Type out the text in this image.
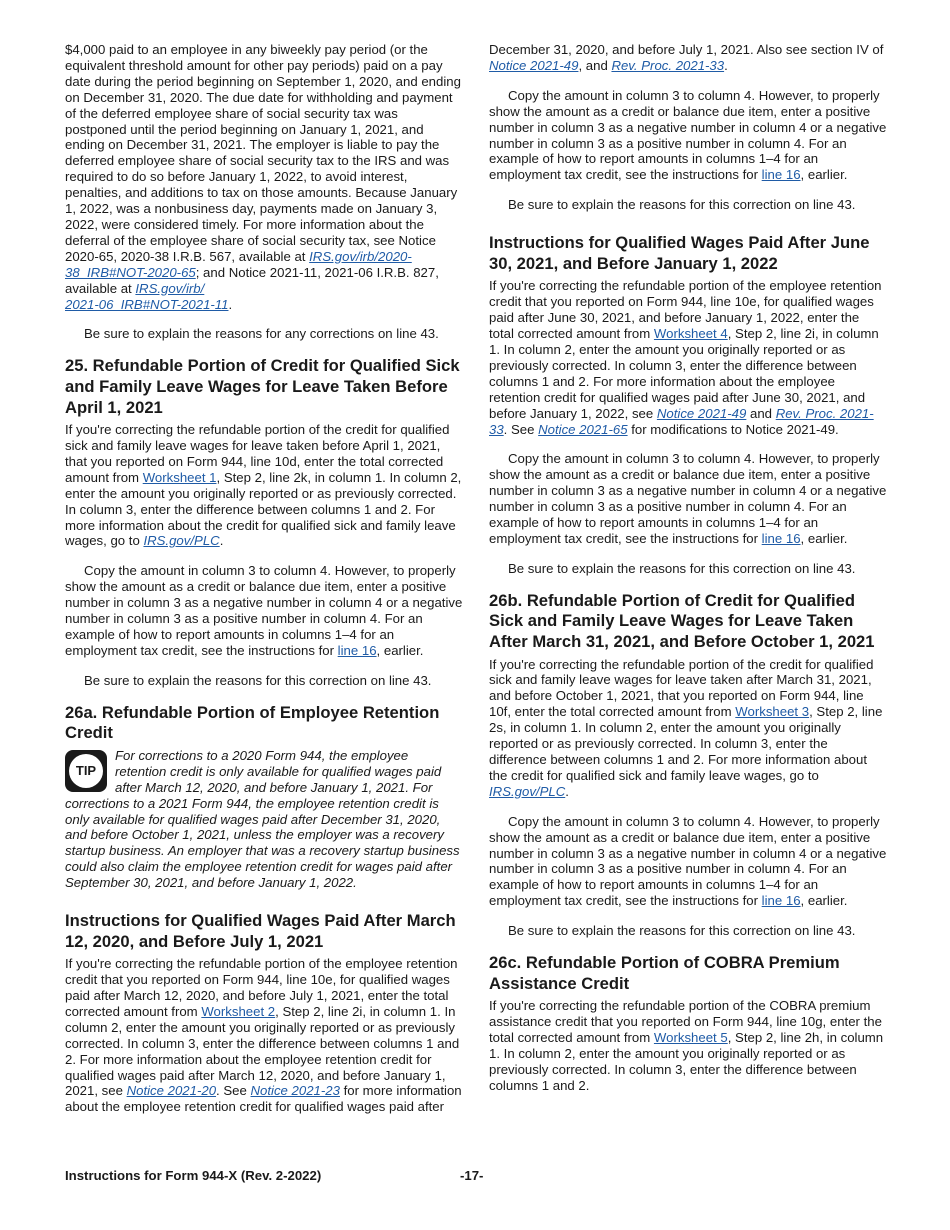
$4,000 paid to an employee in any biweekly pay period (or the equivalent threshold amount for other pay periods) paid on a pay date during the period beginning on September 1, 2020, and ending on December 31, 2020. The due date for withholding and payment of the deferred employee share of social security tax was postponed until the period beginning on January 1, 2021, and ending on December 31, 2021. The employer is liable to pay the deferred employee share of social security tax to the IRS and was required to do so before January 1, 2022, to avoid interest, penalties, and additions to tax on those amounts. Because January 1, 2022, was a nonbusiness day, payments made on January 3, 2022, were considered timely. For more information about the deferral of the employee share of social security tax, see Notice 2020-65, 2020-38 I.R.B. 567, available at IRS.gov/irb/2020-38_IRB#NOT-2020-65; and Notice 2021-11, 2021-06 I.R.B. 827, available at IRS.gov/irb/
2021-06_IRB#NOT-2021-11.

Be sure to explain the reasons for any corrections on line 43.

25. Refundable Portion of Credit for Qualified Sick and Family Leave Wages for Leave Taken Before April 1, 2021

If you're correcting the refundable portion of the credit for qualified sick and family leave wages for leave taken before April 1, 2021, that you reported on Form 944, line 10d, enter the total corrected amount from Worksheet 1, Step 2, line 2k, in column 1. In column 2, enter the amount you originally reported or as previously corrected. In column 3, enter the difference between columns 1 and 2. For more information about the credit for qualified sick and family leave wages, go to IRS.gov/PLC.

Copy the amount in column 3 to column 4. However, to properly show the amount as a credit or balance due item, enter a positive number in column 3 as a negative number in column 4 or a negative number in column 3 as a positive number in column 4. For an example of how to report amounts in columns 1–4 for an employment tax credit, see the instructions for line 16, earlier.

Be sure to explain the reasons for this correction on line 43.

26a. Refundable Portion of Employee Retention Credit
TIP
For corrections to a 2020 Form 944, the employee retention credit is only available for qualified wages paid after March 12, 2020, and before January 1, 2021. For corrections to a 2021 Form 944, the employee retention credit is only available for qualified wages paid after December 31, 2020, and before October 1, 2021, unless the employer was a recovery startup business. An employer that was a recovery startup business could also claim the employee retention credit for wages paid after September 30, 2021, and before January 1, 2022.
Instructions for Qualified Wages Paid After March 12, 2020, and Before July 1, 2021

If you're correcting the refundable portion of the employee retention credit that you reported on Form 944, line 10e, for qualified wages paid after March 12, 2020, and before July 1, 2021, enter the total corrected amount from Worksheet 2, Step 2, line 2i, in column 1. In column 2, enter the amount you originally reported or as previously corrected. In column 3, enter the difference between columns 1 and 2. For more information about the employee retention credit for qualified wages paid after March 12, 2020, and before January 1, 2021, see Notice 2021-20. See Notice 2021-23 for more information about the employee retention credit for qualified wages paid after

December 31, 2020, and before July 1, 2021. Also see section IV of Notice 2021-49, and Rev. Proc. 2021-33.

Copy the amount in column 3 to column 4. However, to properly show the amount as a credit or balance due item, enter a positive number in column 3 as a negative number in column 4 or a negative number in column 3 as a positive number in column 4. For an example of how to report amounts in columns 1–4 for an employment tax credit, see the instructions for line 16, earlier.

Be sure to explain the reasons for this correction on line 43.

Instructions for Qualified Wages Paid After June 30, 2021, and Before January 1, 2022

If you're correcting the refundable portion of the employee retention credit that you reported on Form 944, line 10e, for qualified wages paid after June 30, 2021, and before January 1, 2022, enter the total corrected amount from Worksheet 4, Step 2, line 2i, in column 1. In column 2, enter the amount you originally reported or as previously corrected. In column 3, enter the difference between columns 1 and 2. For more information about the employee retention credit for qualified wages paid after June 30, 2021, and before January 1, 2022, see Notice 2021-49 and Rev. Proc. 2021-33. See Notice 2021-65 for modifications to Notice 2021-49.

Copy the amount in column 3 to column 4. However, to properly show the amount as a credit or balance due item, enter a positive number in column 3 as a negative number in column 4 or a negative number in column 3 as a positive number in column 4. For an example of how to report amounts in columns 1–4 for an employment tax credit, see the instructions for line 16, earlier.

Be sure to explain the reasons for this correction on line 43.

26b. Refundable Portion of Credit for Qualified Sick and Family Leave Wages for Leave Taken After March 31, 2021, and Before October 1, 2021

If you're correcting the refundable portion of the credit for qualified sick and family leave wages for leave taken after March 31, 2021, and before October 1, 2021, that you reported on Form 944, line 10f, enter the total corrected amount from Worksheet 3, Step 2, line 2s, in column 1. In column 2, enter the amount you originally reported or as previously corrected. In column 3, enter the difference between columns 1 and 2. For more information about the credit for qualified sick and family leave wages, go to IRS.gov/PLC.

Copy the amount in column 3 to column 4. However, to properly show the amount as a credit or balance due item, enter a positive number in column 3 as a negative number in column 4 or a negative number in column 3 as a positive number in column 4. For an example of how to report amounts in columns 1–4 for an employment tax credit, see the instructions for line 16, earlier.

Be sure to explain the reasons for this correction on line 43.

26c. Refundable Portion of COBRA Premium Assistance Credit

If you're correcting the refundable portion of the COBRA premium assistance credit that you reported on Form 944, line 10g, enter the total corrected amount from Worksheet 5, Step 2, line 2h, in column 1. In column 2, enter the amount you originally reported or as previously corrected. In column 3, enter the difference between columns 1 and 2.

Instructions for Form 944-X (Rev. 2-2022)	-17-
